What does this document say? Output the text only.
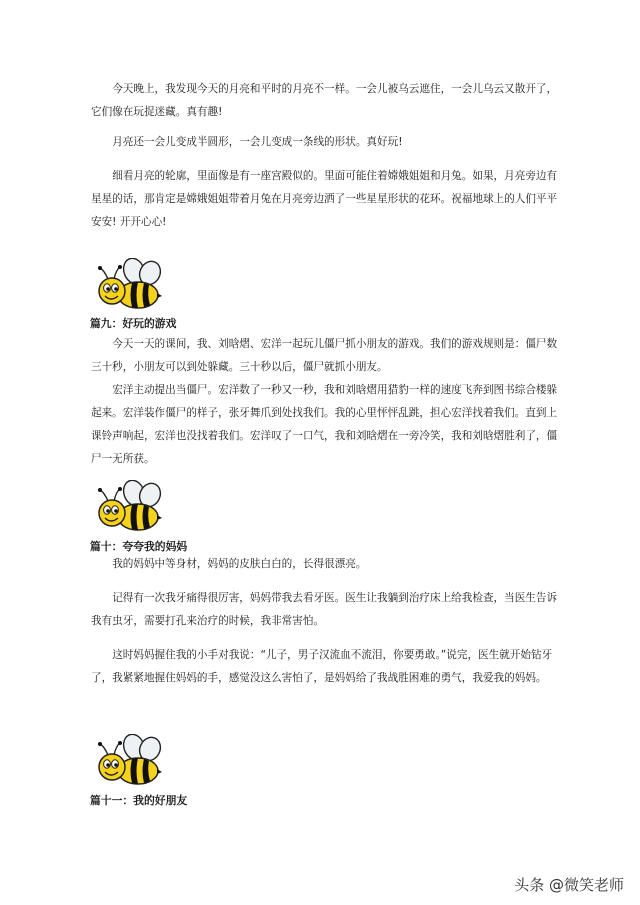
今天晚上，我发现今天的月亮和平时的月亮不一样。一会儿被乌云遮住，一会儿乌云又散开了，它们像在玩捉迷藏。真有趣!

月亮还一会儿变成半圆形，一会儿变成一条线的形状。真好玩!

细看月亮的轮廓，里面像是有一座宫殿似的。里面可能住着嫦娥姐姐和月兔。如果，月亮旁边有星星的话，那肯定是嫦娥姐姐带着月兔在月亮旁边洒了一些星星形状的花环。祝福地球上的人们平平安安! 开开心心!

篇九：好玩的游戏

今天一天的课间，我、刘晗熠、宏洋一起玩儿僵尸抓小朋友的游戏。我们的游戏规则是：僵尸数三十秒，小朋友可以到处躲藏。三十秒以后，僵尸就抓小朋友。

宏洋主动提出当僵尸。宏洋数了一秒又一秒，我和刘晗熠用猎豹一样的速度飞奔到图书综合楼躲起来。宏洋装作僵尸的样子，张牙舞爪到处找我们。我的心里怦怦乱跳，担心宏洋找着我们。直到上课铃声响起，宏洋也没找着我们。宏洋叹了一口气，我和刘晗熠在一旁冷笑，我和刘晗熠胜利了，僵尸一无所获。

篇十：夸夸我的妈妈

我的妈妈中等身材，妈妈的皮肤白白的，长得很漂亮。

记得有一次我牙痛得很厉害，妈妈带我去看牙医。医生让我躺到治疗床上给我检查，当医生告诉我有虫牙，需要打孔来治疗的时候，我非常害怕。

这时妈妈握住我的小手对我说：“儿子，男子汉流血不流泪，你要勇敢。”说完，医生就开始钻牙了，我紧紧地握住妈妈的手，感觉没这么害怕了，是妈妈给了我战胜困难的勇气，我爱我的妈妈。

篇十一：我的好朋友
头条 @微笑老师
